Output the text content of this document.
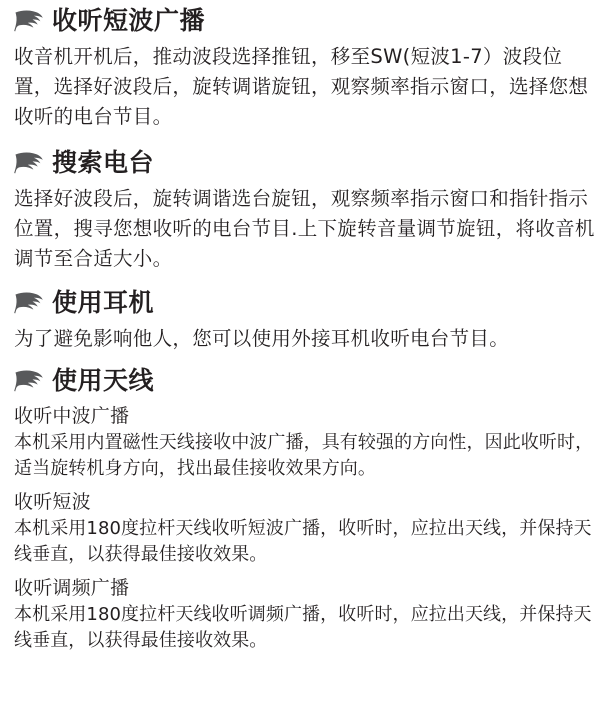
收听短波广播

收音机开机后，推动波段选择推钮，移至SW(短波1-7）波段位置，选择好波段后，旋转调谐旋钮，观察频率指示窗口，选择您想收听的电台节目。

搜索电台

选择好波段后，旋转调谐选台旋钮，观察频率指示窗口和指针指示位置，搜寻您想收听的电台节目.上下旋转音量调节旋钮，将收音机调节至合适大小。

使用耳机

为了避免影响他人，您可以使用外接耳机收听电台节目。

使用天线

收听中波广播

本机采用内置磁性天线接收中波广播，具有较强的方向性，因此收听时，适当旋转机身方向，找出最佳接收效果方向。

收听短波

本机采用180度拉杆天线收听短波广播，收听时，应拉出天线，并保持天线垂直，以获得最佳接收效果。

收听调频广播

本机采用180度拉杆天线收听调频广播，收听时，应拉出天线，并保持天线垂直，以获得最佳接收效果。
